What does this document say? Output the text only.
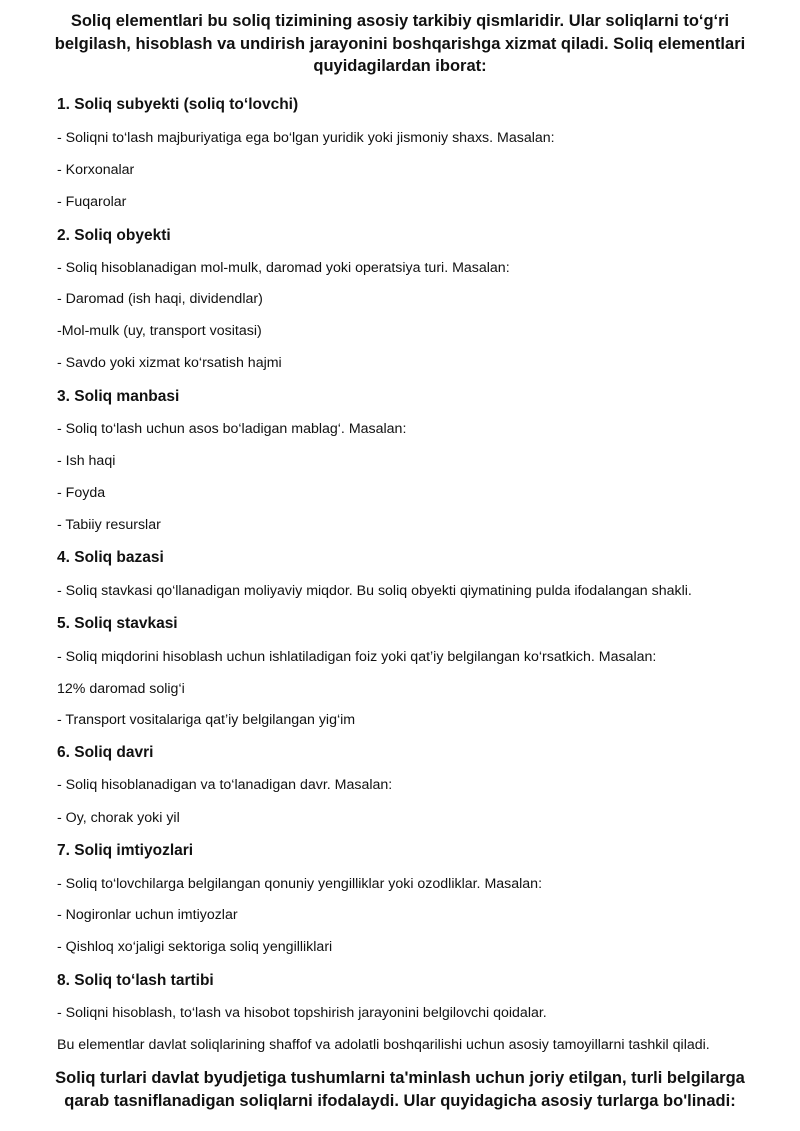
Soliq elementlari bu soliq tizimining asosiy tarkibiy qismlaridir. Ular soliqlarni to‘g‘ri belgilash, hisoblash va undirish jarayonini boshqarishga xizmat qiladi. Soliq elementlari quyidagilardan iborat:
1. Soliq subyekti (soliq to‘lovchi)
- Soliqni to‘lash majburiyatiga ega bo‘lgan yuridik yoki jismoniy shaxs. Masalan:
- Korxonalar
- Fuqarolar
2. Soliq obyekti
- Soliq hisoblanadigan mol-mulk, daromad yoki operatsiya turi. Masalan:
- Daromad (ish haqi, dividendlar)
-Mol-mulk (uy, transport vositasi)
- Savdo yoki xizmat ko‘rsatish hajmi
3. Soliq manbasi
- Soliq to‘lash uchun asos bo‘ladigan mablag‘. Masalan:
- Ish haqi
- Foyda
- Tabiiy resurslar
4. Soliq bazasi
- Soliq stavkasi qo‘llanadigan moliyaviy miqdor. Bu soliq obyekti qiymatining pulda ifodalangan shakli.
5. Soliq stavkasi
- Soliq miqdorini hisoblash uchun ishlatiladigan foiz yoki qat’iy belgilangan ko‘rsatkich. Masalan:
12% daromad solig‘i
- Transport vositalariga qat’iy belgilangan yig‘im
6. Soliq davri
- Soliq hisoblanadigan va to‘lanadigan davr. Masalan:
- Oy, chorak yoki yil
7. Soliq imtiyozlari
- Soliq to‘lovchilarga belgilangan qonuniy yengilliklar yoki ozodliklar. Masalan:
- Nogironlar uchun imtiyozlar
- Qishloq xo‘jaligi sektoriga soliq yengilliklari
8. Soliq to‘lash tartibi
- Soliqni hisoblash, to‘lash va hisobot topshirish jarayonini belgilovchi qoidalar.
Bu elementlar davlat soliqlarining shaffof va adolatli boshqarilishi uchun asosiy tamoyillarni tashkil qiladi.
Soliq turlari davlat byudjetiga tushumlarni ta'minlash uchun joriy etilgan, turli belgilarga qarab tasniflanadigan soliqlarni ifodalaydi. Ular quyidagicha asosiy turlarga bo'linadi:
